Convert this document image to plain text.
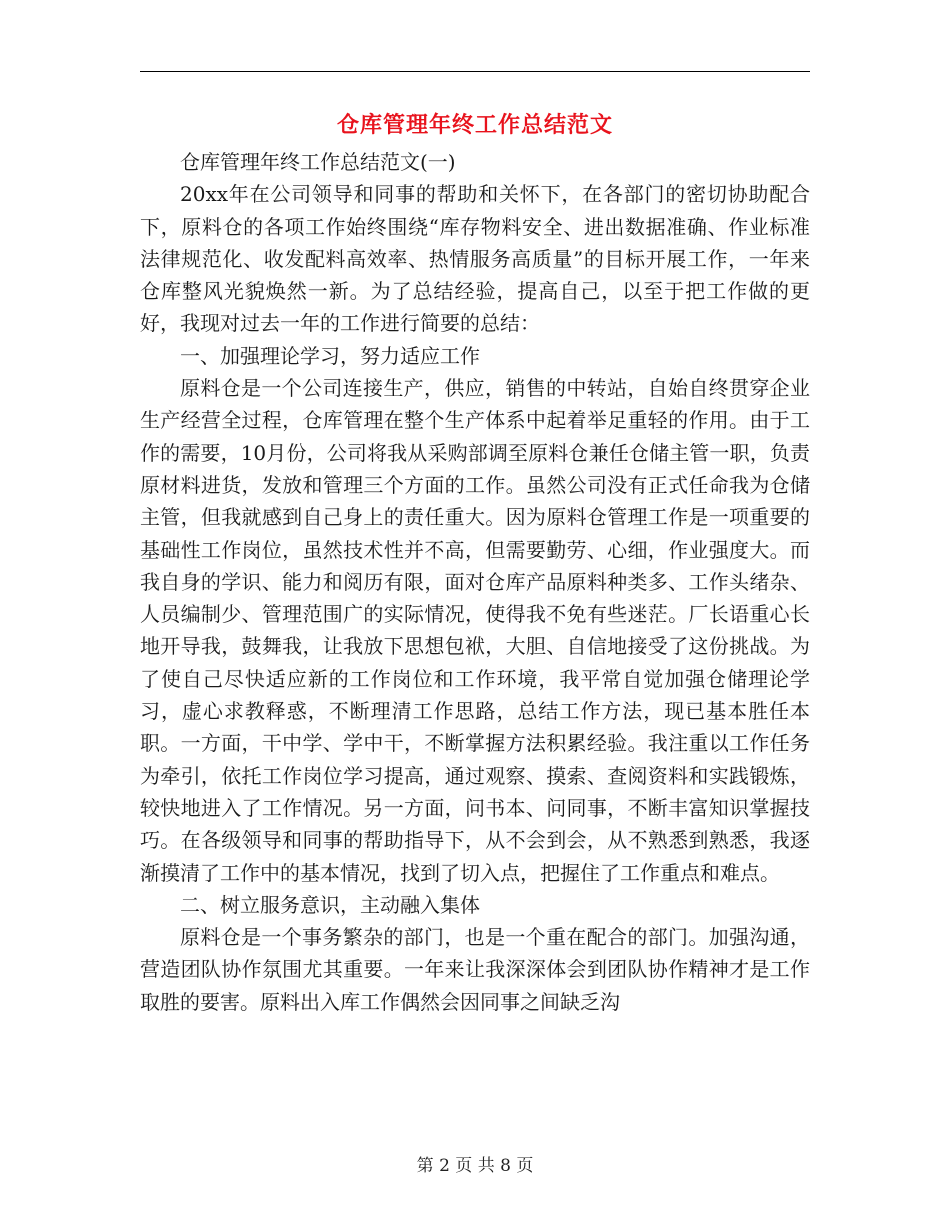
仓库管理年终工作总结范文

仓库管理年终工作总结范文(一)

20xx年在公司领导和同事的帮助和关怀下，在各部门的密切协助配合下，原料仓的各项工作始终围绕“库存物料安全、进出数据准确、作业标准法律规范化、收发配料高效率、热情服务高质量”的目标开展工作，一年来仓库整风光貌焕然一新。为了总结经验，提高自己，以至于把工作做的更好，我现对过去一年的工作进行简要的总结：

一、加强理论学习，努力适应工作

原料仓是一个公司连接生产，供应，销售的中转站，自始自终贯穿企业生产经营全过程，仓库管理在整个生产体系中起着举足重轻的作用。由于工作的需要，10月份，公司将我从采购部调至原料仓兼任仓储主管一职，负责原材料进货，发放和管理三个方面的工作。虽然公司没有正式任命我为仓储主管，但我就感到自己身上的责任重大。因为原料仓管理工作是一项重要的基础性工作岗位，虽然技术性并不高，但需要勤劳、心细，作业强度大。而我自身的学识、能力和阅历有限，面对仓库产品原料种类多、工作头绪杂、人员编制少、管理范围广的实际情况，使得我不免有些迷茫。厂长语重心长地开导我，鼓舞我，让我放下思想包袱，大胆、自信地接受了这份挑战。为了使自己尽快适应新的工作岗位和工作环境，我平常自觉加强仓储理论学习，虚心求教释惑，不断理清工作思路，总结工作方法，现已基本胜任本职。一方面，干中学、学中干，不断掌握方法积累经验。我注重以工作任务为牵引，依托工作岗位学习提高，通过观察、摸索、查阅资料和实践锻炼，较快地进入了工作情况。另一方面，问书本、问同事，不断丰富知识掌握技巧。在各级领导和同事的帮助指导下，从不会到会，从不熟悉到熟悉，我逐渐摸清了工作中的基本情况，找到了切入点，把握住了工作重点和难点。

二、树立服务意识，主动融入集体

原料仓是一个事务繁杂的部门，也是一个重在配合的部门。加强沟通，营造团队协作氛围尤其重要。一年来让我深深体会到团队协作精神才是工作取胜的要害。原料出入库工作偶然会因同事之间缺乏沟

第 2 页 共 8 页
